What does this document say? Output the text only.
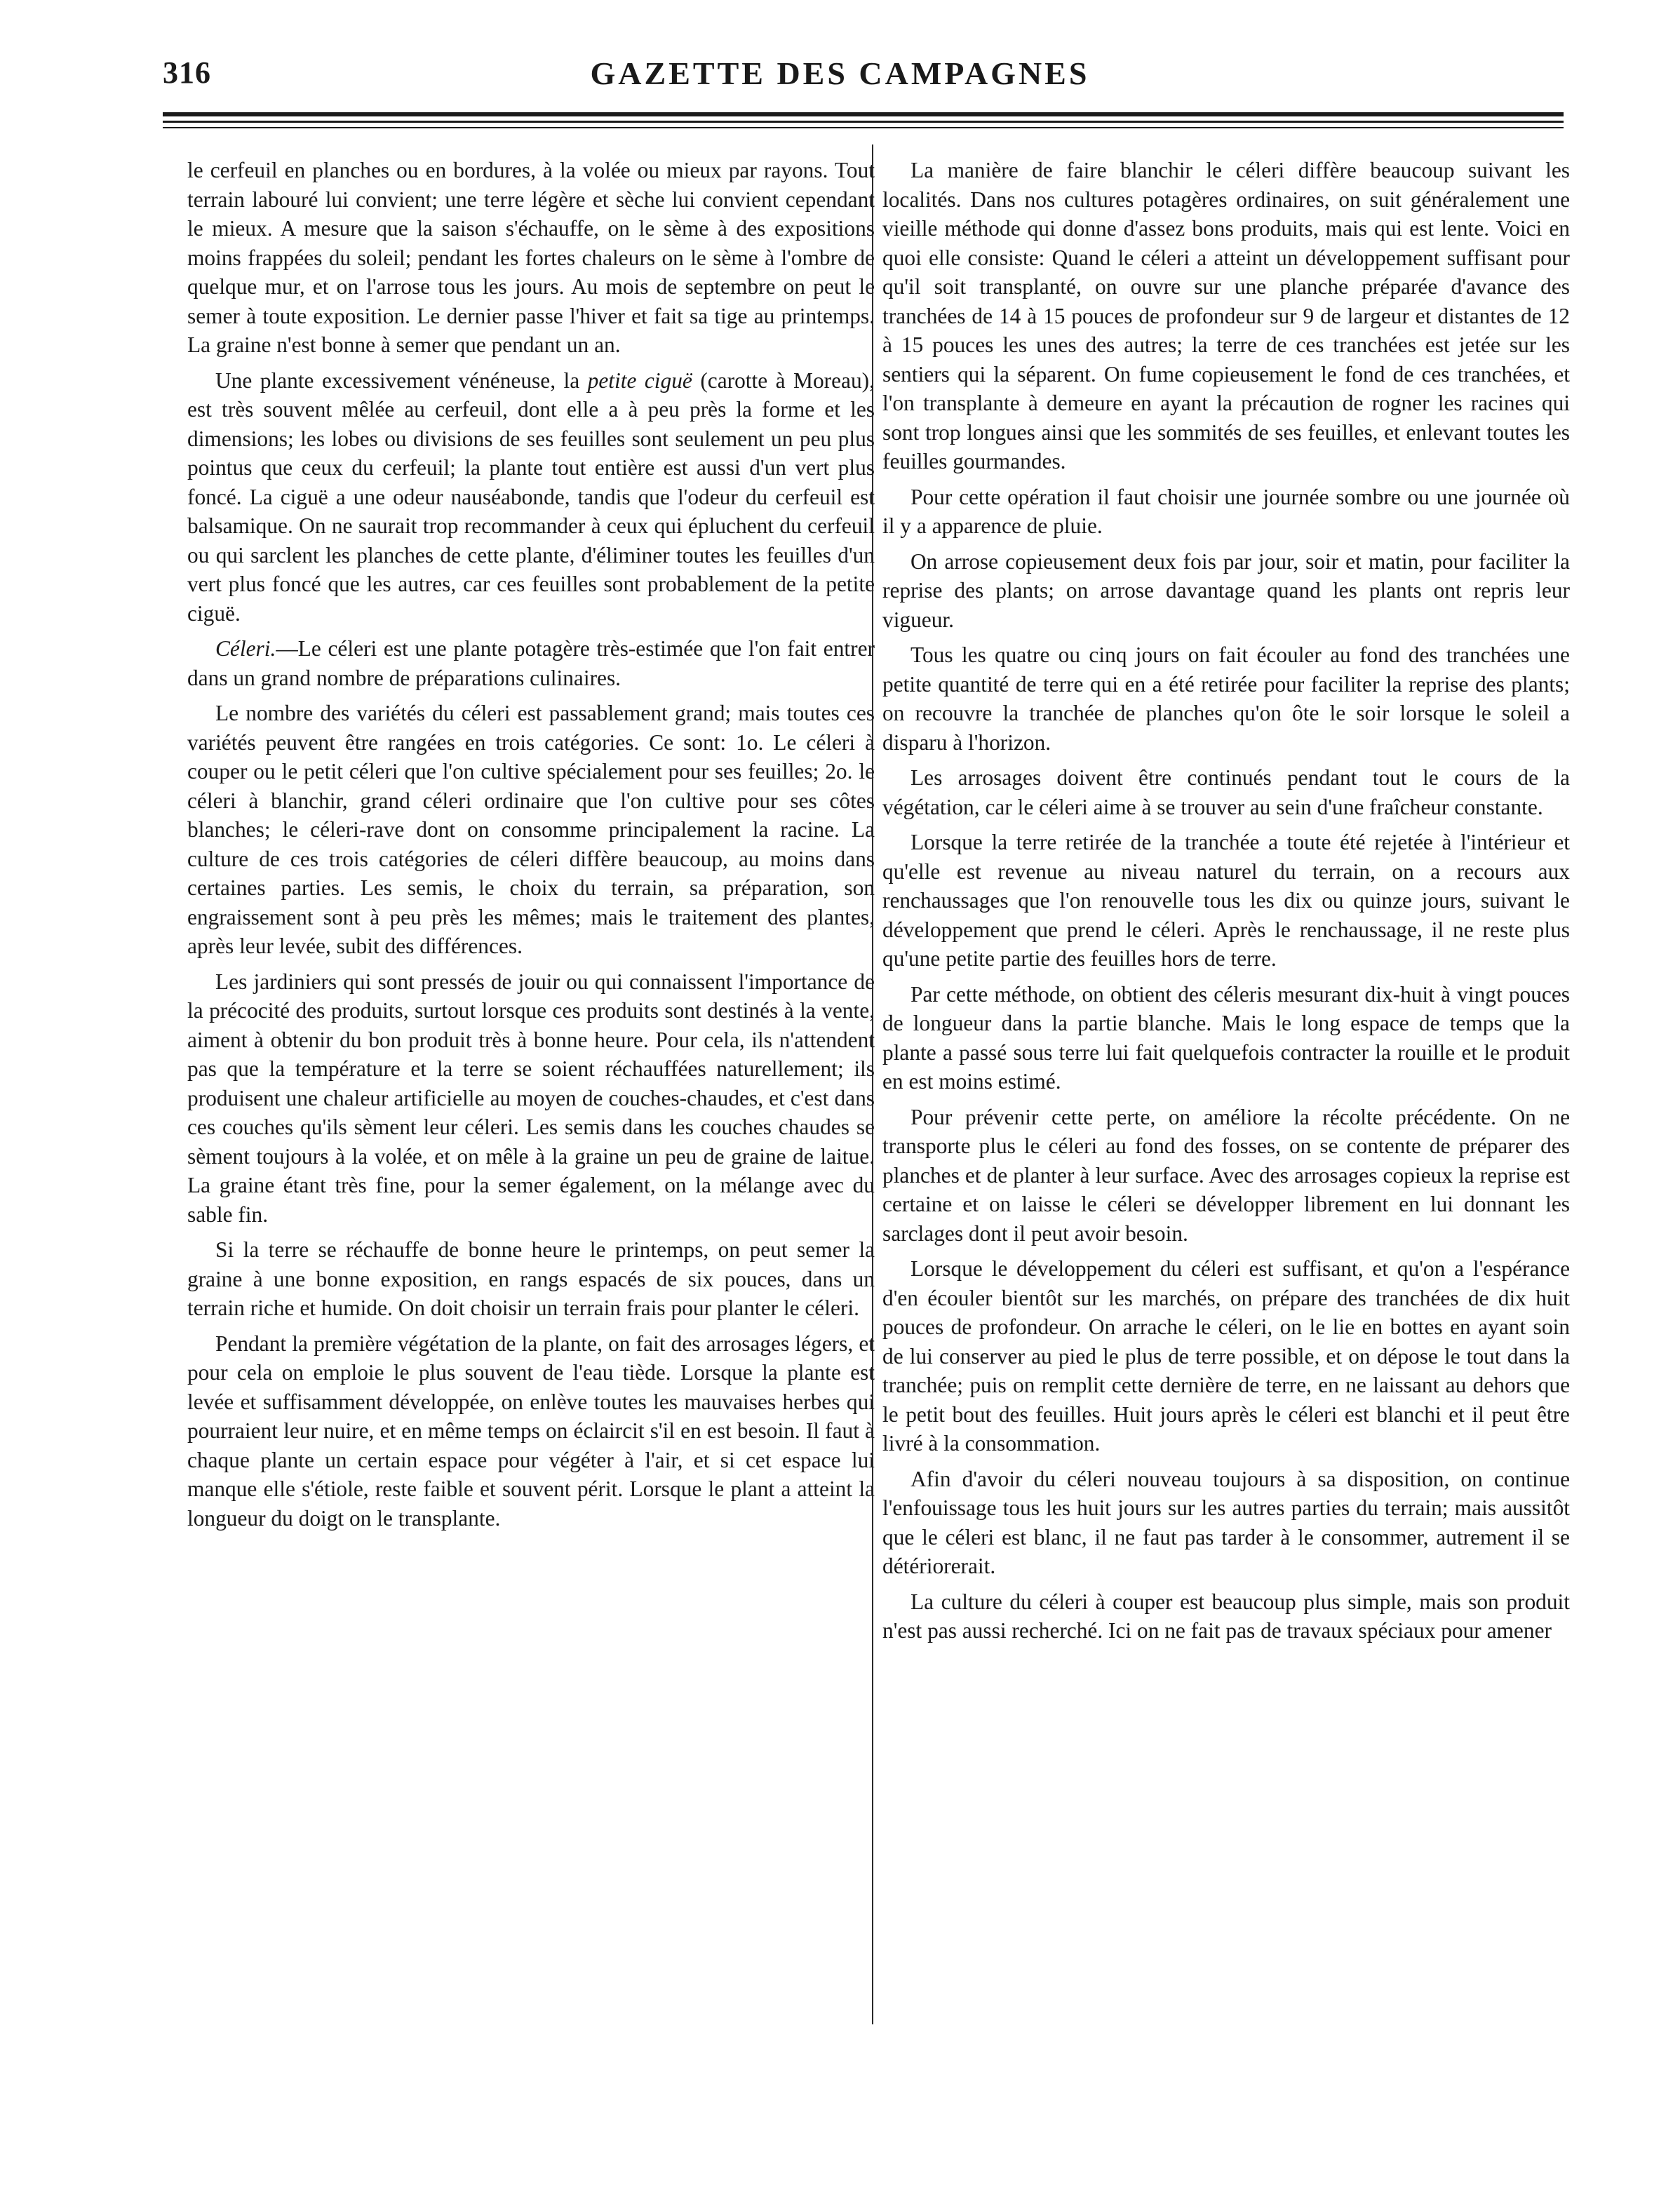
316	GAZETTE DES CAMPAGNES

le cerfeuil en planches ou en bordures, à la volée ou mieux par rayons. Tout terrain labouré lui convient; une terre légère et sèche lui convient cependant le mieux. A mesure que la saison s'échauffe, on le sème à des expositions moins frappées du soleil; pendant les fortes chaleurs on le sème à l'ombre de quelque mur, et on l'arrose tous les jours. Au mois de septembre on peut le semer à toute exposition. Le dernier passe l'hiver et fait sa tige au printemps. La graine n'est bonne à semer que pendant un an.

Une plante excessivement vénéneuse, la petite ciguë (carotte à Moreau), est très souvent mêlée au cerfeuil, dont elle a à peu près la forme et les dimensions; les lobes ou divisions de ses feuilles sont seulement un peu plus pointus que ceux du cerfeuil; la plante tout entière est aussi d'un vert plus foncé. La ciguë a une odeur nauséabonde, tandis que l'odeur du cerfeuil est balsamique. On ne saurait trop recommander à ceux qui épluchent du cerfeuil ou qui sarclent les planches de cette plante, d'éliminer toutes les feuilles d'un vert plus foncé que les autres, car ces feuilles sont probablement de la petite ciguë.

Céleri.—Le céleri est une plante potagère très-estimée que l'on fait entrer dans un grand nombre de préparations culinaires.

Le nombre des variétés du céleri est passablement grand; mais toutes ces variétés peuvent être rangées en trois catégories. Ce sont: 1o. Le céleri à couper ou le petit céleri que l'on cultive spécialement pour ses feuilles; 2o. le céleri à blanchir, grand céleri ordinaire que l'on cultive pour ses côtes blanches; le céleri-rave dont on consomme principalement la racine. La culture de ces trois catégories de céleri diffère beaucoup, au moins dans certaines parties. Les semis, le choix du terrain, sa préparation, son engraissement sont à peu près les mêmes; mais le traitement des plantes, après leur levée, subit des différences.

Les jardiniers qui sont pressés de jouir ou qui connaissent l'importance de la précocité des produits, surtout lorsque ces produits sont destinés à la vente, aiment à obtenir du bon produit très à bonne heure. Pour cela, ils n'attendent pas que la température et la terre se soient réchauffées naturellement; ils produisent une chaleur artificielle au moyen de couches-chaudes, et c'est dans ces couches qu'ils sèment leur céleri. Les semis dans les couches chaudes se sèment toujours à la volée, et on mêle à la graine un peu de graine de laitue. La graine étant très fine, pour la semer également, on la mélange avec du sable fin.

Si la terre se réchauffe de bonne heure le printemps, on peut semer la graine à une bonne exposition, en rangs espacés de six pouces, dans un terrain riche et humide. On doit choisir un terrain frais pour planter le céleri.

Pendant la première végétation de la plante, on fait des arrosages légers, et pour cela on emploie le plus souvent de l'eau tiède. Lorsque la plante est levée et suffisamment développée, on enlève toutes les mauvaises herbes qui pourraient leur nuire, et en même temps on éclaircit s'il en est besoin. Il faut à chaque plante un certain espace pour végéter à l'air, et si cet espace lui manque elle s'étiole, reste faible et souvent périt. Lorsque le plant a atteint la longueur du doigt on le transplante.

La manière de faire blanchir le céleri diffère beaucoup suivant les localités. Dans nos cultures potagères ordinaires, on suit généralement une vieille méthode qui donne d'assez bons produits, mais qui est lente. Voici en quoi elle consiste: Quand le céleri a atteint un développement suffisant pour qu'il soit transplanté, on ouvre sur une planche préparée d'avance des tranchées de 14 à 15 pouces de profondeur sur 9 de largeur et distantes de 12 à 15 pouces les unes des autres; la terre de ces tranchées est jetée sur les sentiers qui la séparent. On fume copieusement le fond de ces tranchées, et l'on transplante à demeure en ayant la précaution de rogner les racines qui sont trop longues ainsi que les sommités de ses feuilles, et enlevant toutes les feuilles gourmandes.

Pour cette opération il faut choisir une journée sombre ou une journée où il y a apparence de pluie.

On arrose copieusement deux fois par jour, soir et matin, pour faciliter la reprise des plants; on arrose davantage quand les plants ont repris leur vigueur.

Tous les quatre ou cinq jours on fait écouler au fond des tranchées une petite quantité de terre qui en a été retirée pour faciliter la reprise des plants; on recouvre la tranchée de planches qu'on ôte le soir lorsque le soleil a disparu à l'horizon.

Les arrosages doivent être continués pendant tout le cours de la végétation, car le céleri aime à se trouver au sein d'une fraîcheur constante.

Lorsque la terre retirée de la tranchée a toute été rejetée à l'intérieur et qu'elle est revenue au niveau naturel du terrain, on a recours aux renchaussages que l'on renouvelle tous les dix ou quinze jours, suivant le développement que prend le céleri. Après le renchaussage, il ne reste plus qu'une petite partie des feuilles hors de terre.

Par cette méthode, on obtient des céleris mesurant dix-huit à vingt pouces de longueur dans la partie blanche. Mais le long espace de temps que la plante a passé sous terre lui fait quelquefois contracter la rouille et le produit en est moins estimé.

Pour prévenir cette perte, on améliore la récolte précédente. On ne transporte plus le céleri au fond des fosses, on se contente de préparer des planches et de planter à leur surface. Avec des arrosages copieux la reprise est certaine et on laisse le céleri se développer librement en lui donnant les sarclages dont il peut avoir besoin.

Lorsque le développement du céleri est suffisant, et qu'on a l'espérance d'en écouler bientôt sur les marchés, on prépare des tranchées de dix huit pouces de profondeur. On arrache le céleri, on le lie en bottes en ayant soin de lui conserver au pied le plus de terre possible, et on dépose le tout dans la tranchée; puis on remplit cette dernière de terre, en ne laissant au dehors que le petit bout des feuilles. Huit jours après le céleri est blanchi et il peut être livré à la consommation.

Afin d'avoir du céleri nouveau toujours à sa disposition, on continue l'enfouissage tous les huit jours sur les autres parties du terrain; mais aussitôt que le céleri est blanc, il ne faut pas tarder à le consommer, autrement il se détériorerait.

La culture du céleri à couper est beaucoup plus simple, mais son produit n'est pas aussi recherché. Ici on ne fait pas de travaux spéciaux pour amener
